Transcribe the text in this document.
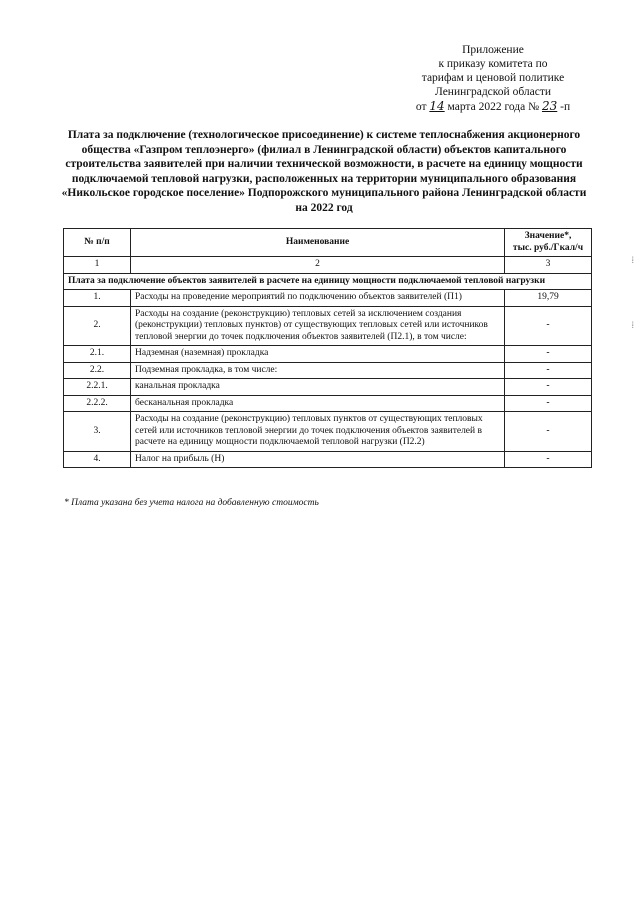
Приложение
к приказу комитета по
тарифам и ценовой политике
Ленинградской области
от 14 марта 2022 года № 23 -п
Плата за подключение (технологическое присоединение) к системе теплоснабжения акционерного общества «Газпром теплоэнерго» (филиал в Ленинградской области) объектов капитального строительства заявителей при наличии технической возможности, в расчете на единицу мощности подключаемой тепловой нагрузки, расположенных на территории муниципального образования «Никольское городское поселение» Подпорожского муниципального района Ленинградской области на 2022 год
№ п/п	Наименование	Значение*,
тыс. руб./Гкал/ч

1	2	3
Плата за подключение объектов заявителей в расчете на единицу мощности подключаемой тепловой нагрузки		
1.	Расходы на проведение мероприятий по подключению объектов заявителей (П1)	19,79
2.	Расходы на создание (реконструкцию) тепловых сетей за исключением создания (реконструкции) тепловых пунктов) от существующих тепловых сетей или источников тепловой энергии до точек подключения объектов заявителей (П2.1), в том числе:	-
2.1.	Надземная (наземная) прокладка	-
2.2.	Подземная прокладка, в том числе:	-
2.2.1.	канальная прокладка	-
2.2.2.	бесканальная прокладка	-
3.	Расходы на создание (реконструкцию) тепловых пунктов от существующих тепловых сетей или источников тепловой энергии до точек подключения объектов заявителей в расчете на единицу мощности подключаемой тепловой нагрузки (П2.2)	-
4.	Налог на прибыль (Н)	-
* Плата указана без учета налога на добавленную стоимость
⁞
⁞
